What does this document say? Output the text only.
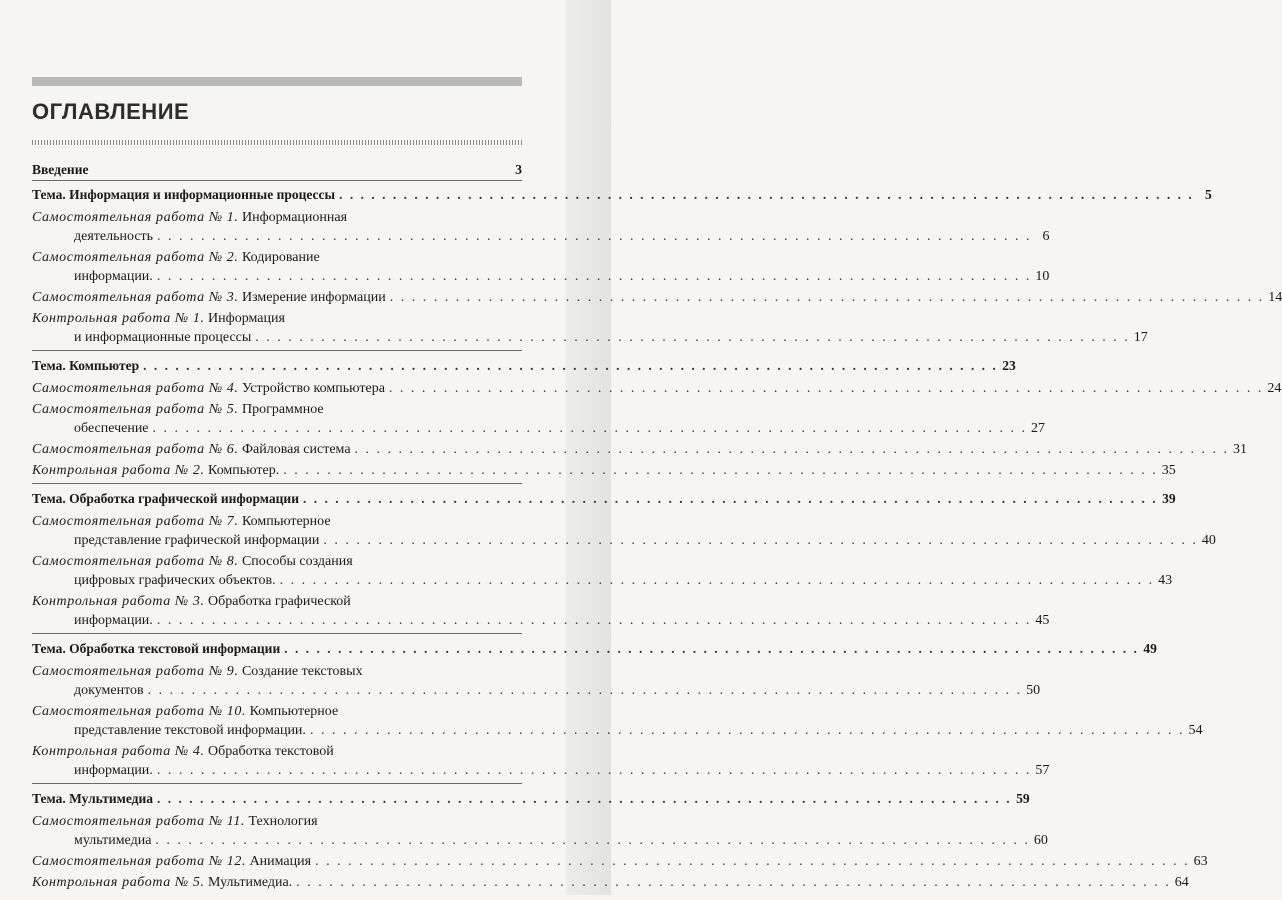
ОГЛАВЛЕНИЕ
Введение	3
Тема. Информация и информационные процессы . . . . . . . . . . . . . . . . . . . . . . . . . . . . . . . . . . . . . . . . . . . . . . . . . . . . . . . . . . . . . . . . . . . . . . . . . . . . . . . . 5
Самостоятельная работа № 1. Информационная
деятельность . . . . . . . . . . . . . . . . . . . . . . . . . . . . . . . . . . . . . . . . . . . . . . . . . . . . . . . . . . . . . . . . . . . . . . . . . . . . . . . . 6
Самостоятельная работа № 2. Кодирование
информации. . . . . . . . . . . . . . . . . . . . . . . . . . . . . . . . . . . . . . . . . . . . . . . . . . . . . . . . . . . . . . . . . . . . . . . . . . . . . . . . . 10
Самостоятельная работа № 3. Измерение информации . . . . . . . . . . . . . . . . . . . . . . . . . . . . . . . . . . . . . . . . . . . . . . . . . . . . . . . . . . . . . . . . . . . . . . . . . . . . . . . . 14
Контрольная работа № 1. Информация
и информационные процессы . . . . . . . . . . . . . . . . . . . . . . . . . . . . . . . . . . . . . . . . . . . . . . . . . . . . . . . . . . . . . . . . . . . . . . . . . . . . . . . . 17
Тема. Компьютер . . . . . . . . . . . . . . . . . . . . . . . . . . . . . . . . . . . . . . . . . . . . . . . . . . . . . . . . . . . . . . . . . . . . . . . . . . . . . . . . 23
Самостоятельная работа № 4. Устройство компьютера . . . . . . . . . . . . . . . . . . . . . . . . . . . . . . . . . . . . . . . . . . . . . . . . . . . . . . . . . . . . . . . . . . . . . . . . . . . . . . . . 24
Самостоятельная работа № 5. Программное
обеспечение . . . . . . . . . . . . . . . . . . . . . . . . . . . . . . . . . . . . . . . . . . . . . . . . . . . . . . . . . . . . . . . . . . . . . . . . . . . . . . . . 27
Самостоятельная работа № 6. Файловая система . . . . . . . . . . . . . . . . . . . . . . . . . . . . . . . . . . . . . . . . . . . . . . . . . . . . . . . . . . . . . . . . . . . . . . . . . . . . . . . . 31
Контрольная работа № 2. Компьютер. . . . . . . . . . . . . . . . . . . . . . . . . . . . . . . . . . . . . . . . . . . . . . . . . . . . . . . . . . . . . . . . . . . . . . . . . . . . . . . . . 35
Тема. Обработка графической информации . . . . . . . . . . . . . . . . . . . . . . . . . . . . . . . . . . . . . . . . . . . . . . . . . . . . . . . . . . . . . . . . . . . . . . . . . . . . . . . . 39
Самостоятельная работа № 7. Компьютерное
представление графической информации . . . . . . . . . . . . . . . . . . . . . . . . . . . . . . . . . . . . . . . . . . . . . . . . . . . . . . . . . . . . . . . . . . . . . . . . . . . . . . . . 40
Самостоятельная работа № 8. Способы создания
цифровых графических объектов. . . . . . . . . . . . . . . . . . . . . . . . . . . . . . . . . . . . . . . . . . . . . . . . . . . . . . . . . . . . . . . . . . . . . . . . . . . . . . . . . 43
Контрольная работа № 3. Обработка графической
информации. . . . . . . . . . . . . . . . . . . . . . . . . . . . . . . . . . . . . . . . . . . . . . . . . . . . . . . . . . . . . . . . . . . . . . . . . . . . . . . . . 45
Тема. Обработка текстовой информации . . . . . . . . . . . . . . . . . . . . . . . . . . . . . . . . . . . . . . . . . . . . . . . . . . . . . . . . . . . . . . . . . . . . . . . . . . . . . . . . 49
Самостоятельная работа № 9. Создание текстовых
документов . . . . . . . . . . . . . . . . . . . . . . . . . . . . . . . . . . . . . . . . . . . . . . . . . . . . . . . . . . . . . . . . . . . . . . . . . . . . . . . . 50
Самостоятельная работа № 10. Компьютерное
представление текстовой информации. . . . . . . . . . . . . . . . . . . . . . . . . . . . . . . . . . . . . . . . . . . . . . . . . . . . . . . . . . . . . . . . . . . . . . . . . . . . . . . . . 54
Контрольная работа № 4. Обработка текстовой
информации. . . . . . . . . . . . . . . . . . . . . . . . . . . . . . . . . . . . . . . . . . . . . . . . . . . . . . . . . . . . . . . . . . . . . . . . . . . . . . . . . 57
Тема. Мультимедиа . . . . . . . . . . . . . . . . . . . . . . . . . . . . . . . . . . . . . . . . . . . . . . . . . . . . . . . . . . . . . . . . . . . . . . . . . . . . . . . . 59
Самостоятельная работа № 11. Технология
мультимедиа . . . . . . . . . . . . . . . . . . . . . . . . . . . . . . . . . . . . . . . . . . . . . . . . . . . . . . . . . . . . . . . . . . . . . . . . . . . . . . . . 60
Самостоятельная работа № 12. Анимация . . . . . . . . . . . . . . . . . . . . . . . . . . . . . . . . . . . . . . . . . . . . . . . . . . . . . . . . . . . . . . . . . . . . . . . . . . . . . . . . 63
Контрольная работа № 5. Мультимедиа. . . . . . . . . . . . . . . . . . . . . . . . . . . . . . . . . . . . . . . . . . . . . . . . . . . . . . . . . . . . . . . . . . . . . . . . . . . . . . . . . 64
